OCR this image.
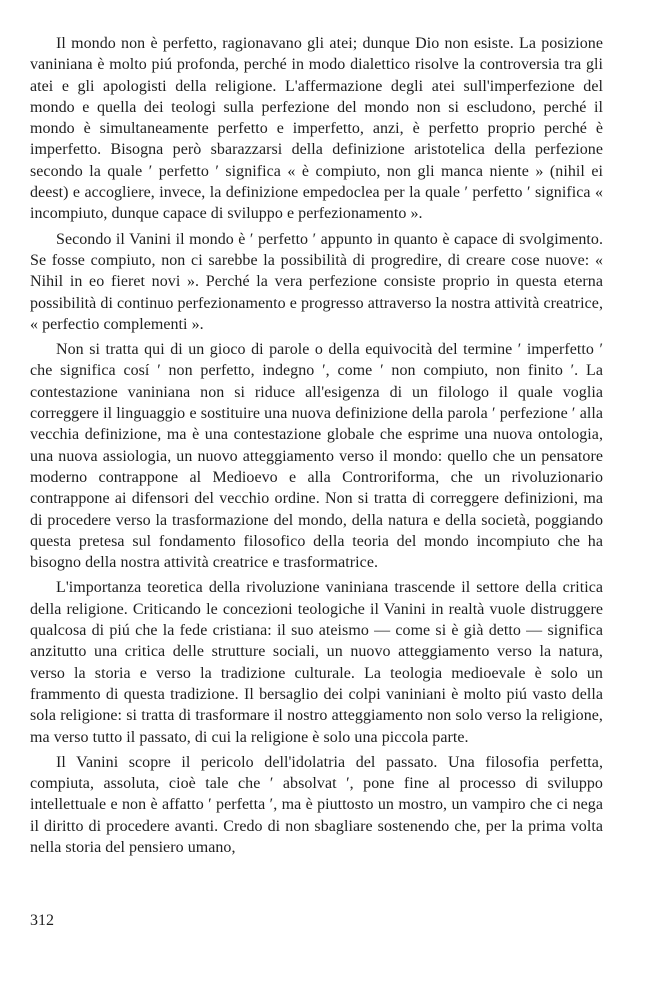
Il mondo non è perfetto, ragionavano gli atei; dunque Dio non esiste. La posizione vaniniana è molto piú profonda, perché in modo dialettico risolve la controversia tra gli atei e gli apologisti della religione. L'affermazione degli atei sull'imperfezione del mondo e quella dei teologi sulla perfezione del mondo non si escludono, perché il mondo è simultaneamente perfetto e imperfetto, anzi, è perfetto proprio perché è imperfetto. Bisogna però sbarazzarsi della definizione aristotelica della perfezione secondo la quale ′ perfetto ′ significa « è compiuto, non gli manca niente » (nihil ei deest) e accogliere, invece, la definizione empedoclea per la quale ′ perfetto ′ significa « incompiuto, dunque capace di sviluppo e perfezionamento ».

Secondo il Vanini il mondo è ′ perfetto ′ appunto in quanto è capace di svolgimento. Se fosse compiuto, non ci sarebbe la possibilità di progredire, di creare cose nuove: « Nihil in eo fieret novi ». Perché la vera perfezione consiste proprio in questa eterna possibilità di continuo perfezionamento e progresso attraverso la nostra attività creatrice, « perfectio complementi ».

Non si tratta qui di un gioco di parole o della equivocità del termine ′ imperfetto ′ che significa cosí ′ non perfetto, indegno ′, come ′ non compiuto, non finito ′. La contestazione vaniniana non si riduce all'esigenza di un filologo il quale voglia correggere il linguaggio e sostituire una nuova definizione della parola ′ perfezione ′ alla vecchia definizione, ma è una contestazione globale che esprime una nuova ontologia, una nuova assiologia, un nuovo atteggiamento verso il mondo: quello che un pensatore moderno contrappone al Medioevo e alla Controriforma, che un rivoluzionario contrappone ai difensori del vecchio ordine. Non si tratta di correggere definizioni, ma di procedere verso la trasformazione del mondo, della natura e della società, poggiando questa pretesa sul fondamento filosofico della teoria del mondo incompiuto che ha bisogno della nostra attività creatrice e trasformatrice.

L'importanza teoretica della rivoluzione vaniniana trascende il settore della critica della religione. Criticando le concezioni teologiche il Vanini in realtà vuole distruggere qualcosa di piú che la fede cristiana: il suo ateismo — come si è già detto — significa anzitutto una critica delle strutture sociali, un nuovo atteggiamento verso la natura, verso la storia e verso la tradizione culturale. La teologia medioevale è solo un frammento di questa tradizione. Il bersaglio dei colpi vaniniani è molto piú vasto della sola religione: si tratta di trasformare il nostro atteggiamento non solo verso la religione, ma verso tutto il passato, di cui la religione è solo una piccola parte.

Il Vanini scopre il pericolo dell'idolatria del passato. Una filosofia perfetta, compiuta, assoluta, cioè tale che ′ absolvat ′, pone fine al processo di sviluppo intellettuale e non è affatto ′ perfetta ′, ma è piuttosto un mostro, un vampiro che ci nega il diritto di procedere avanti. Credo di non sbagliare sostenendo che, per la prima volta nella storia del pensiero umano,

312
